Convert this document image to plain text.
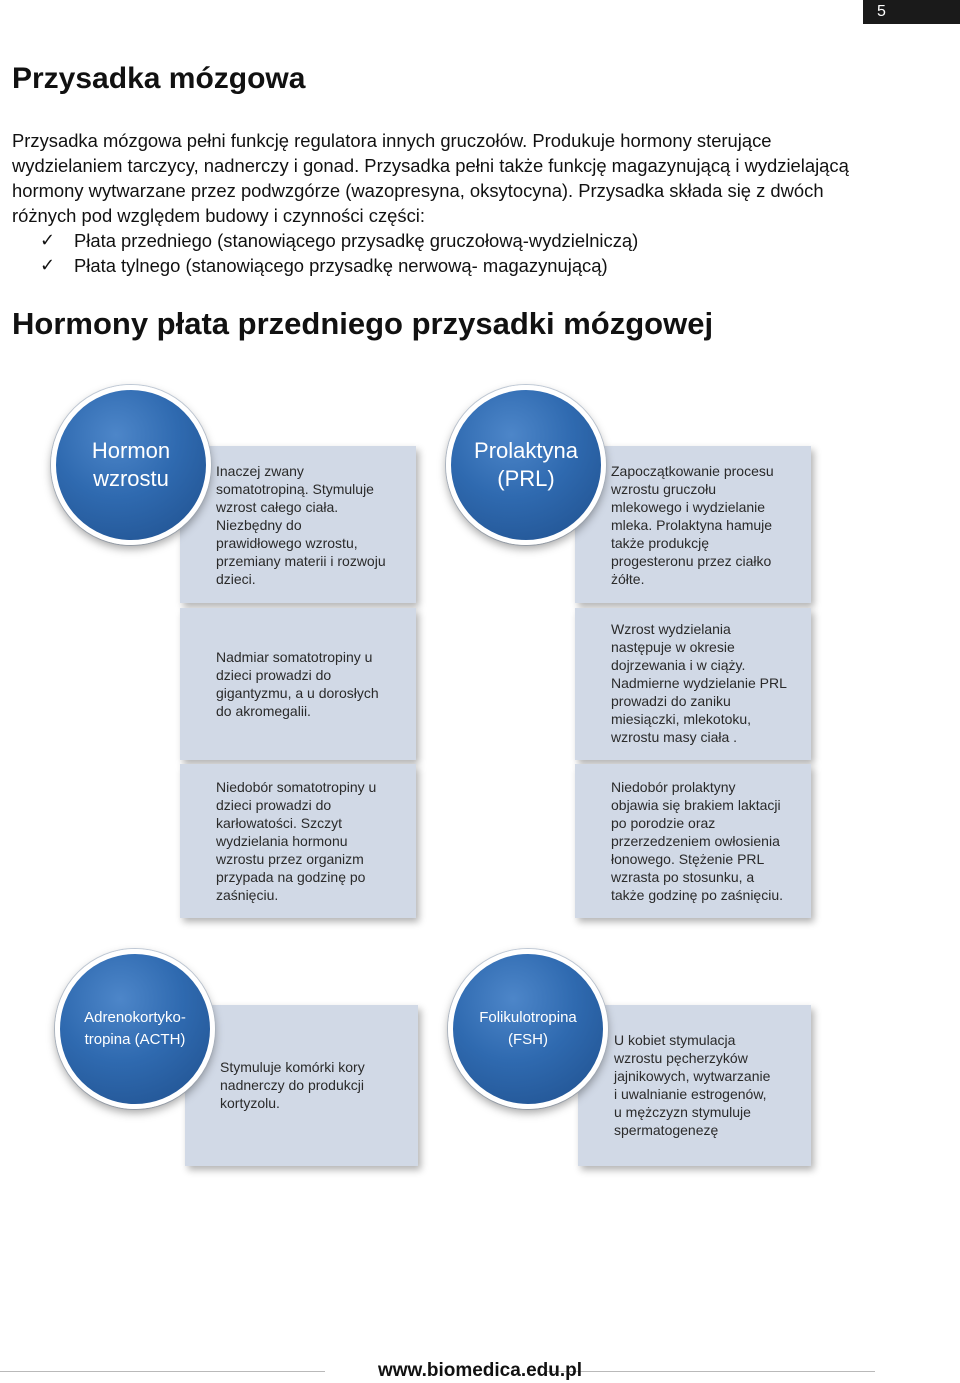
5
Przysadka mózgowa

Przysadka mózgowa pełni funkcję regulatora innych gruczołów. Produkuje hormony sterujące wydzielaniem tarczycy, nadnerczy i gonad. Przysadka pełni także funkcję magazynującą i wydzielającą hormony wytwarzane przez podwzgórze (wazopresyna, oksytocyna). Przysadka składa się z dwóch różnych pod względem budowy i czynności części:

✓ Płata przedniego (stanowiącego przysadkę gruczołową-wydzielniczą)
✓ Płata tylnego (stanowiącego przysadkę nerwową- magazynującą)
Hormony płata przedniego przysadki mózgowej
Inaczej zwany
somatotropiną. Stymuluje
wzrost całego ciała.
Niezbędny do
prawidłowego wzrostu,
przemiany materii i rozwoju
dzieci.
Nadmiar somatotropiny u
dzieci prowadzi do
gigantyzmu, a u dorosłych
do akromegalii.
Niedobór somatotropiny u
dzieci prowadzi do
karłowatości. Szczyt
wydzielania hormonu
wzrostu przez organizm
przypada na godzinę po
zaśnięciu.
Hormon
wzrostu	Zapoczątkowanie procesu
wzrostu gruczołu
mlekowego i wydzielanie
mleka. Prolaktyna hamuje
także produkcję
progesteronu przez ciałko
żółte.
Wzrost wydzielania
następuje w okresie
dojrzewania i w ciąży.
Nadmierne wydzielanie PRL
prowadzi do zaniku
miesiączki, mlekotoku,
wzrostu masy ciała .
Niedobór prolaktyny
objawia się brakiem laktacji
po porodzie oraz
przerzedzeniem owłosienia
łonowego. Stężenie PRL
wzrasta po stosunku, a
także godzinę po zaśnięciu.
Prolaktyna
(PRL)
Stymuluje komórki kory
nadnerczy do produkcji
kortyzolu.
Adrenokortyko-
tropina (ACTH)	U kobiet stymulacja
wzrostu pęcherzyków
jajnikowych, wytwarzanie
i uwalnianie estrogenów,
u mężczyzn stymuluje
spermatogenezę
Folikulotropina
(FSH)
www.biomedica.edu.pl
